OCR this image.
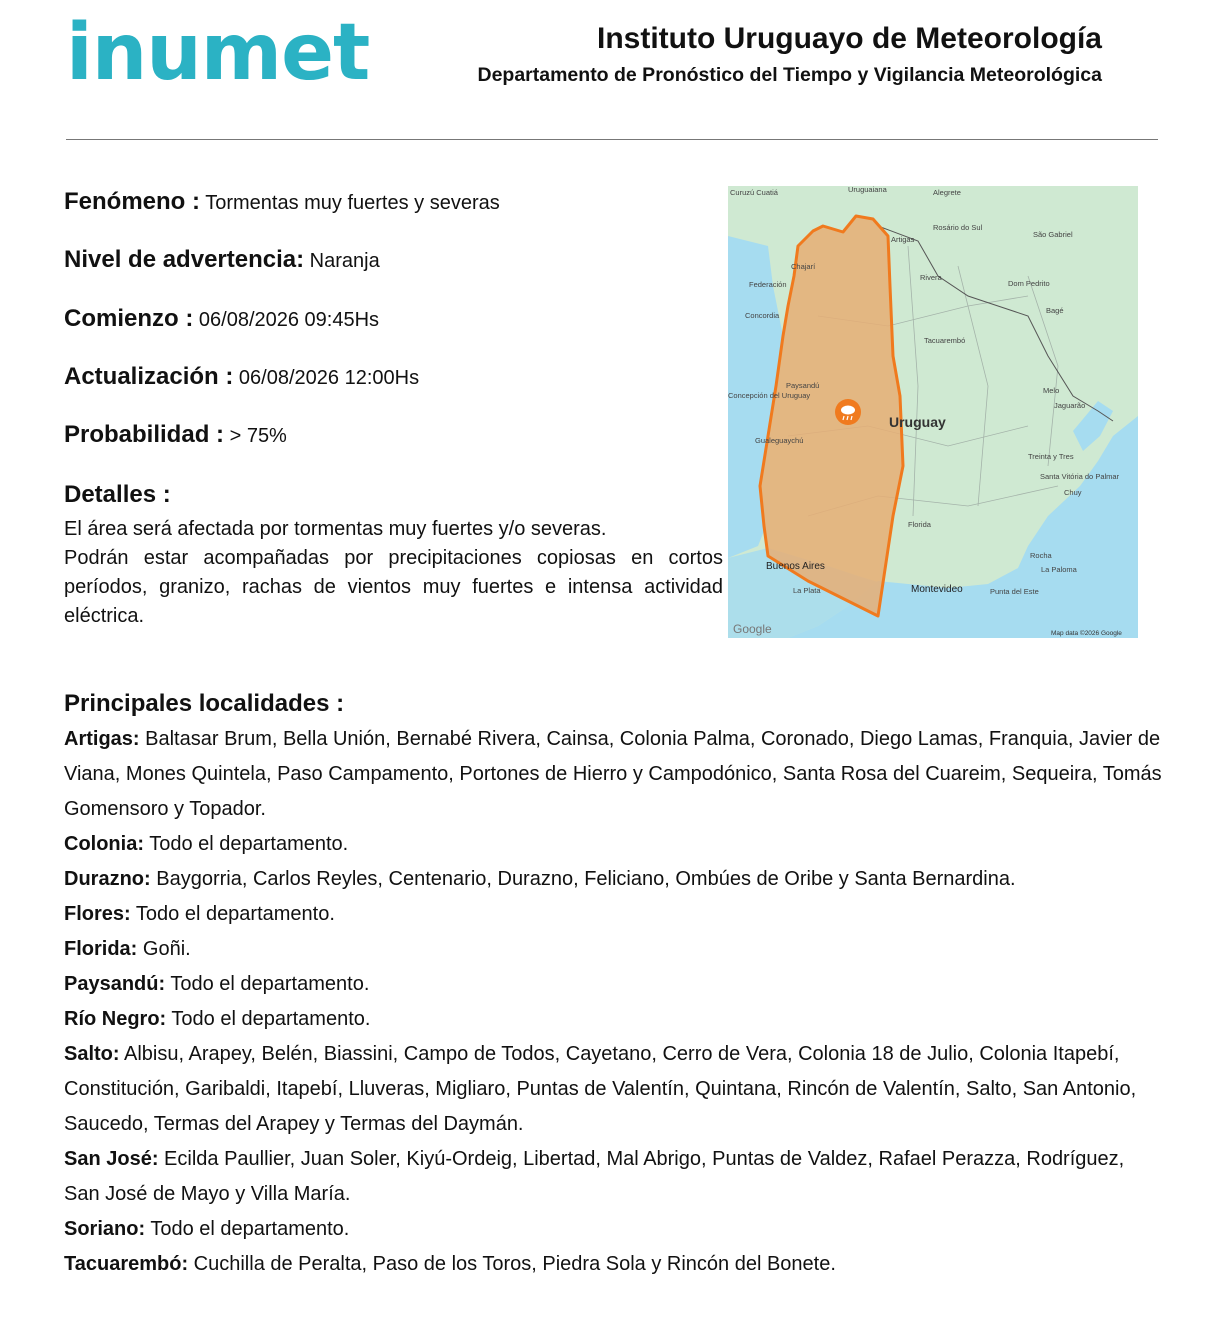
inumet	Instituto Uruguayo de Meteorología
Departamento de Pronóstico del Tiempo y Vigilancia Meteorológica
Fenómeno : Tormentas muy fuertes y severas
Nivel de advertencia: Naranja
Comienzo : 06/08/2026 09:45Hs
Actualización : 06/08/2026 12:00Hs
Probabilidad : > 75%
Detalles :

El área será afectada por tormentas muy fuertes y/o severas.

Podrán estar acompañadas por precipitaciones copiosas en cortos períodos, granizo, rachas de vientos muy fuertes e intensa actividad eléctrica.

Curuzú Cuatiá	Uruguaiana	Alegrete
Rosário do Sul
São Gabriel
Artigas
Chajarí
Federación
Rivera
Dom Pedrito
Bagé
Concordia
Tacuarembó
Paysandú
Concepción del Uruguay
Melo
Jaguarão
Gualeguaychú
Treinta y Tres
Santa Vitória do Palmar
Chuy
Florida
Rocha
La Paloma
La Plata	Punta del Este
Buenos Aires
Montevideo
Uruguay
Google	Map data ©2026 Google
Principales localidades :
Artigas: Baltasar Brum, Bella Unión, Bernabé Rivera, Cainsa, Colonia Palma, Coronado, Diego Lamas, Franquia, Javier de Viana, Mones Quintela, Paso Campamento, Portones de Hierro y Campodónico, Santa Rosa del Cuareim, Sequeira, Tomás Gomensoro y Topador.
Colonia: Todo el departamento.
Durazno: Baygorria, Carlos Reyles, Centenario, Durazno, Feliciano, Ombúes de Oribe y Santa Bernardina.
Flores: Todo el departamento.
Florida: Goñi.
Paysandú: Todo el departamento.
Río Negro: Todo el departamento.
Salto: Albisu, Arapey, Belén, Biassini, Campo de Todos, Cayetano, Cerro de Vera, Colonia 18 de Julio, Colonia Itapebí, Constitución, Garibaldi, Itapebí, Lluveras, Migliaro, Puntas de Valentín, Quintana, Rincón de Valentín, Salto, San Antonio, Saucedo, Termas del Arapey y Termas del Daymán.
San José: Ecilda Paullier, Juan Soler, Kiyú-Ordeig, Libertad, Mal Abrigo, Puntas de Valdez, Rafael Perazza, Rodríguez, San José de Mayo y Villa María.
Soriano: Todo el departamento.
Tacuarembó: Cuchilla de Peralta, Paso de los Toros, Piedra Sola y Rincón del Bonete.
